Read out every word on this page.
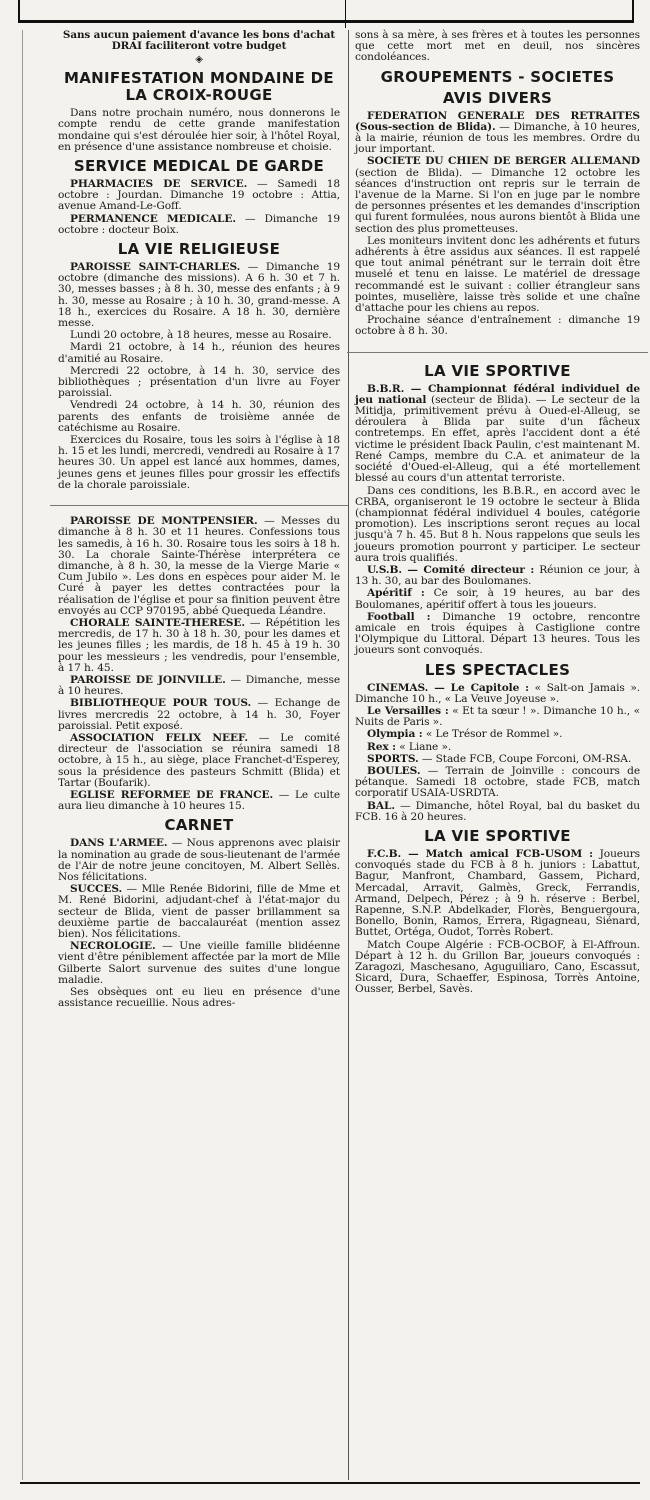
Sans aucun paiement d'avance les bons d'achat DRAI faciliteront votre budget

◈
MANIFESTATION MONDAINE DE LA CROIX-ROUGE

Dans notre prochain numéro, nous donnerons le compte rendu de cette grande manifestation mondaine qui s'est déroulée hier soir, à l'hôtel Royal, en présence d'une assistance nombreuse et choisie.

SERVICE MEDICAL DE GARDE

PHARMACIES DE SERVICE. — Samedi 18 octobre : Jourdan. Dimanche 19 octobre : Attia, avenue Amand-Le-Goff.

PERMANENCE MEDICALE. — Dimanche 19 octobre : docteur Boix.

LA VIE RELIGIEUSE

PAROISSE SAINT-CHARLES. — Dimanche 19 octobre (dimanche des missions). A 6 h. 30 et 7 h. 30, messes basses ; à 8 h. 30, messe des enfants ; à 9 h. 30, messe au Rosaire ; à 10 h. 30, grand-messe. A 18 h., exercices du Rosaire. A 18 h. 30, dernière messe.

Lundi 20 octobre, à 18 heures, messe au Rosaire.

Mardi 21 octobre, à 14 h., réunion des heures d'amitié au Rosaire.

Mercredi 22 octobre, à 14 h. 30, service des bibliothèques ; présentation d'un livre au Foyer paroissial.

Vendredi 24 octobre, à 14 h. 30, réunion des parents des enfants de troisième année de catéchisme au Rosaire.

Exercices du Rosaire, tous les soirs à l'église à 18 h. 15 et les lundi, mercredi, vendredi au Rosaire à 17 heures 30. Un appel est lancé aux hommes, dames, jeunes gens et jeunes filles pour grossir les effectifs de la chorale paroissiale.

PAROISSE DE MONTPENSIER. — Messes du dimanche à 8 h. 30 et 11 heures. Confessions tous les samedis, à 16 h. 30. Rosaire tous les soirs à 18 h. 30. La chorale Sainte-Thérèse interprétera ce dimanche, à 8 h. 30, la messe de la Vierge Marie « Cum Jubilo ». Les dons en espèces pour aider M. le Curé à payer les dettes contractées pour la réalisation de l'église et pour sa finition peuvent être envoyés au CCP 970195, abbé Quequeda Léandre.

CHORALE SAINTE-THERESE. — Répétition les mercredis, de 17 h. 30 à 18 h. 30, pour les dames et les jeunes filles ; les mardis, de 18 h. 45 à 19 h. 30 pour les messieurs ; les vendredis, pour l'ensemble, à 17 h. 45.

PAROISSE DE JOINVILLE. — Dimanche, messe à 10 heures.

BIBLIOTHEQUE POUR TOUS. — Echange de livres mercredis 22 octobre, à 14 h. 30, Foyer paroissial. Petit exposé.

ASSOCIATION FELIX NEEF. — Le comité directeur de l'association se réunira samedi 18 octobre, à 15 h., au siège, place Franchet-d'Esperey, sous la présidence des pasteurs Schmitt (Blida) et Tartar (Boufarik).

EGLISE REFORMEE DE FRANCE. — Le culte aura lieu dimanche à 10 heures 15.

CARNET

DANS L'ARMEE. — Nous apprenons avec plaisir la nomination au grade de sous-lieutenant de l'armée de l'Air de notre jeune concitoyen, M. Albert Sellès. Nos félicitations.

SUCCES. — Mlle Renée Bidorini, fille de Mme et M. René Bidorini, adjudant-chef à l'état-major du secteur de Blida, vient de passer brillamment sa deuxième partie de baccalauréat (mention assez bien). Nos félicitations.

NECROLOGIE. — Une vieille famille blidéenne vient d'être péniblement affectée par la mort de Mlle Gilberte Salort survenue des suites d'une longue maladie.

Ses obsèques ont eu lieu en présence d'une assistance recueillie. Nous adres-

sons à sa mère, à ses frères et à toutes les personnes que cette mort met en deuil, nos sincères condoléances.

GROUPEMENTS - SOCIETES
AVIS DIVERS

FEDERATION GENERALE DES RETRAITES (Sous-section de Blida). — Dimanche, à 10 heures, à la mairie, réunion de tous les membres. Ordre du jour important.

SOCIETE DU CHIEN DE BERGER ALLEMAND (section de Blida). — Dimanche 12 octobre les séances d'instruction ont repris sur le terrain de l'avenue de la Marne. Si l'on en juge par le nombre de personnes présentes et les demandes d'inscription qui furent formulées, nous aurons bientôt à Blida une section des plus prometteuses.

Les moniteurs invitent donc les adhérents et futurs adhérents à être assidus aux séances. Il est rappelé que tout animal pénétrant sur le terrain doit être muselé et tenu en laisse. Le matériel de dressage recommandé est le suivant : collier étrangleur sans pointes, muselière, laisse très solide et une chaîne d'attache pour les chiens au repos.

Prochaine séance d'entraînement : dimanche 19 octobre à 8 h. 30.

LA VIE SPORTIVE

B.B.R. — Championnat fédéral individuel de jeu national (secteur de Blida). — Le secteur de la Mitidja, primitivement prévu à Oued-el-Alleug, se déroulera à Blida par suite d'un fâcheux contretemps. En effet, après l'accident dont a été victime le président Iback Paulin, c'est maintenant M. René Camps, membre du C.A. et animateur de la société d'Oued-el-Alleug, qui a été mortellement blessé au cours d'un attentat terroriste.

Dans ces conditions, les B.B.R., en accord avec le CRBA, organiseront le 19 octobre le secteur à Blida (championnat fédéral individuel 4 boules, catégorie promotion). Les inscriptions seront reçues au local jusqu'à 7 h. 45. But 8 h. Nous rappelons que seuls les joueurs promotion pourront y participer. Le secteur aura trois qualifiés.

U.S.B. — Comité directeur : Réunion ce jour, à 13 h. 30, au bar des Boulomanes.

Apéritif : Ce soir, à 19 heures, au bar des Boulomanes, apéritif offert à tous les joueurs.

Football : Dimanche 19 octobre, rencontre amicale en trois équipes à Castiglione contre l'Olympique du Littoral. Départ 13 heures. Tous les joueurs sont convoqués.

LES SPECTACLES

CINEMAS. — Le Capitole : « Salt-on Jamais ». Dimanche 10 h., « La Veuve Joyeuse ».

Le Versailles : « Et ta sœur ! ». Dimanche 10 h., « Nuits de Paris ».

Olympia : « Le Trésor de Rommel ».

Rex : « Liane ».

SPORTS. — Stade FCB, Coupe Forconi, OM-RSA.

BOULES. — Terrain de Joinville : concours de pétanque. Samedi 18 octobre, stade FCB, match corporatif USAIA-USRDTA.

BAL. — Dimanche, hôtel Royal, bal du basket du FCB. 16 à 20 heures.

LA VIE SPORTIVE

F.C.B. — Match amical FCB-USOM : Joueurs convoqués stade du FCB à 8 h. juniors : Labattut, Bagur, Manfront, Chambard, Gassem, Pichard, Mercadal, Arravit, Galmès, Greck, Ferrandis, Armand, Delpech, Pérez ; à 9 h. réserve : Berbel, Rapenne, S.N.P. Abdelkader, Florès, Benguergoura, Bonello, Bonin, Ramos, Errera, Rigagneau, Siénard, Buttet, Ortéga, Oudot, Torrès Robert.

Match Coupe Algérie : FCB-OCBOF, à El-Affroun. Départ à 12 h. du Grillon Bar, joueurs convoqués : Zaragozi, Maschesano, Aguguiliaro, Cano, Escassut, Sicard, Dura, Schaeffer, Espinosa, Torrès Antoine, Ousser, Berbel, Savès.
